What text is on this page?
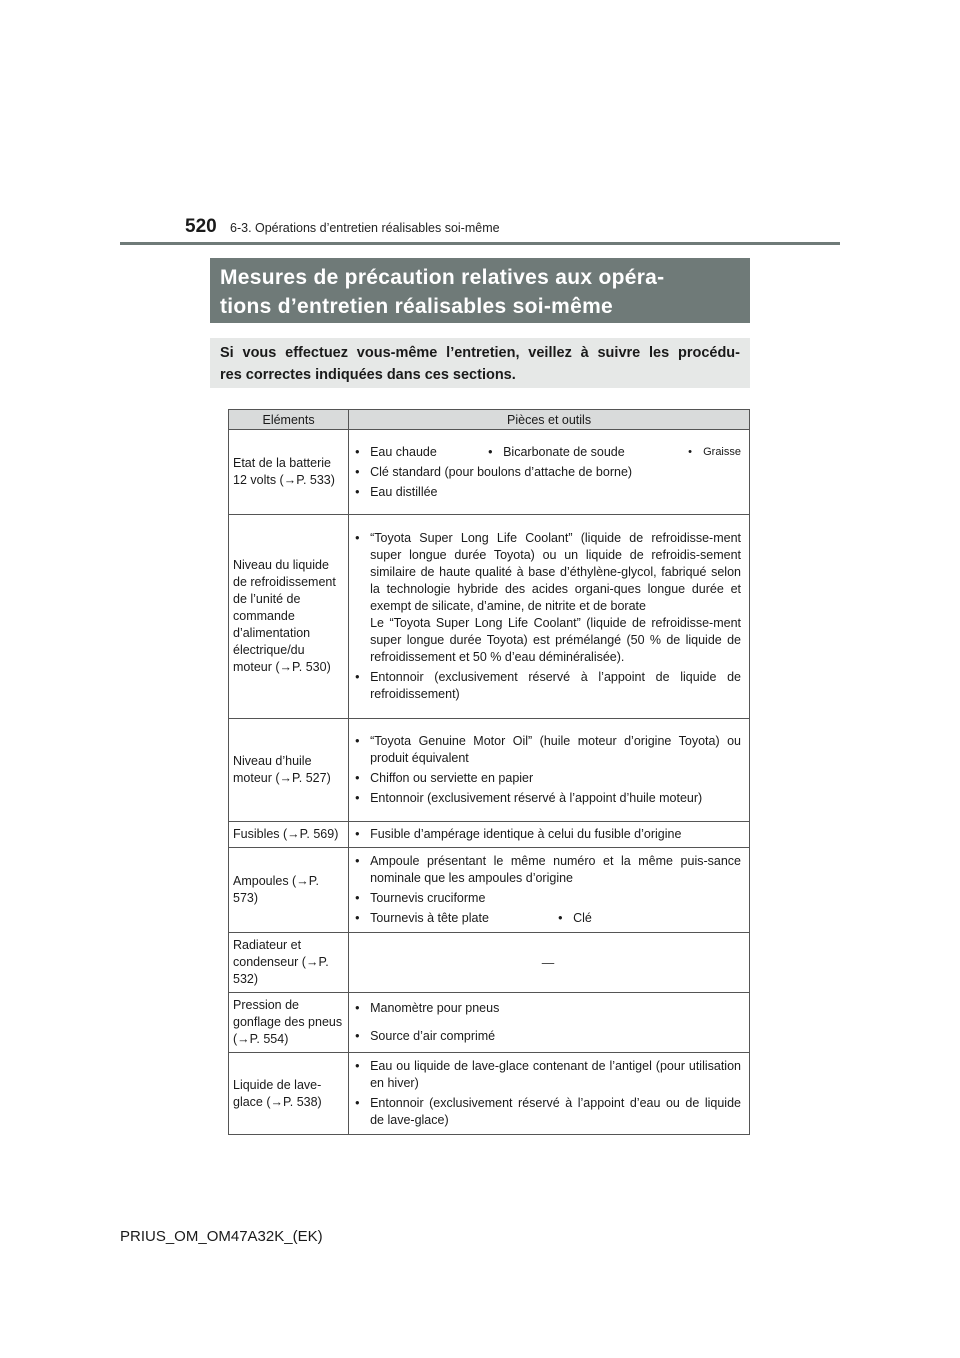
520 6-3. Opérations d’entretien réalisables soi-même
Mesures de précaution relatives aux opéra-
tions d’entretien réalisables soi-même
Si vous effectuez vous-même l’entretien, veillez à suivre les procédu-
res correctes indiquées dans ces sections.
Eléments	Pièces et outils
Etat de la batterie 12 volts (→P. 533)	• Eau chaude • Bicarbonate de soude • Graisse
• Clé standard (pour boulons d’attache de borne)
• Eau distillée

Niveau du liquide de refroidissement de l’unité de commande d’alimentation électrique/du moteur (→P. 530)	• “Toyota Super Long Life Coolant” (liquide de refroidisse-ment super longue durée Toyota) ou un liquide de refroidis-sement similaire de haute qualité à base d’éthylène-glycol, fabriqué selon la technologie hybride des acides organi-ques longue durée et exempt de silicate, d’amine, de nitrite et de borate
Le “Toyota Super Long Life Coolant” (liquide de refroidisse-ment super longue durée Toyota) est prémélangé (50 % de liquide de refroidissement et 50 % d’eau déminéralisée).
• Entonnoir (exclusivement réservé à l’appoint de liquide de refroidissement)

Niveau d’huile moteur (→P. 527)	• “Toyota Genuine Motor Oil” (huile moteur d’origine Toyota) ou produit équivalent
• Chiffon ou serviette en papier
• Entonnoir (exclusivement réservé à l’appoint d’huile moteur)

Fusibles (→P. 569)	• Fusible d’ampérage identique à celui du fusible d’origine

Ampoules (→P. 573)	• Ampoule présentant le même numéro et la même puis-sance nominale que les ampoules d’origine
• Tournevis cruciforme
• Tournevis à tête plate • Clé

Radiateur et condenseur (→P. 532)	—
Pression de gonflage des pneus (→P. 554)	• Manomètre pour pneus
• Source d’air comprimé

Liquide de lave-glace (→P. 538)	• Eau ou liquide de lave-glace contenant de l’antigel (pour utilisation en hiver)
• Entonnoir (exclusivement réservé à l’appoint d’eau ou de liquide de lave-glace)
PRIUS_OM_OM47A32K_(EK)
